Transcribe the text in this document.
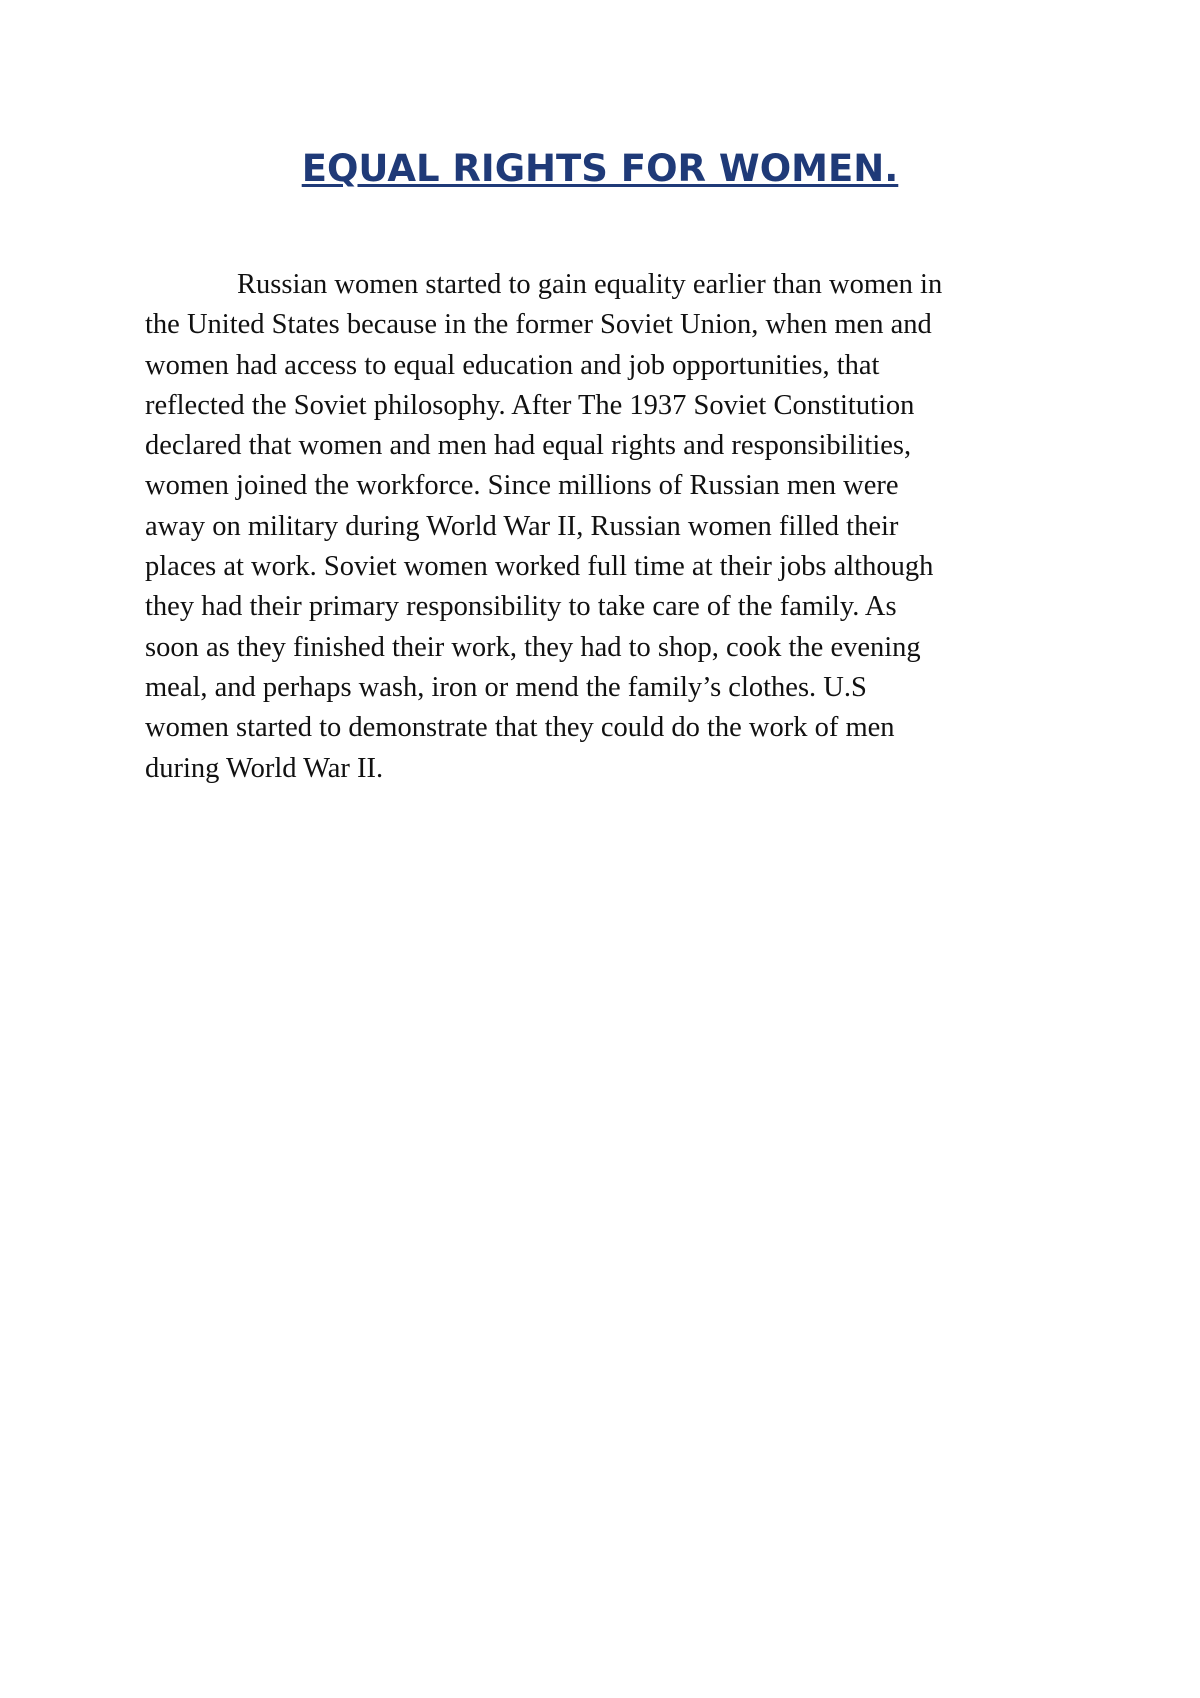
EQUAL RIGHTS FOR WOMEN.
Russian women started to gain equality earlier than women in
the United States because in the former Soviet Union, when men and
women had access to equal education and job opportunities, that
reflected the Soviet philosophy. After The 1937 Soviet Constitution
declared that women and men had equal rights and responsibilities,
women joined the workforce. Since millions of Russian men were
away on military during World War II, Russian women filled their
places at work. Soviet women worked full time at their jobs although
they had their primary responsibility to take care of the family. As
soon as they finished their work, they had to shop, cook the evening
meal, and perhaps wash, iron or mend the family’s clothes. U.S
women started to demonstrate that they could do the work of men
during World War II.
